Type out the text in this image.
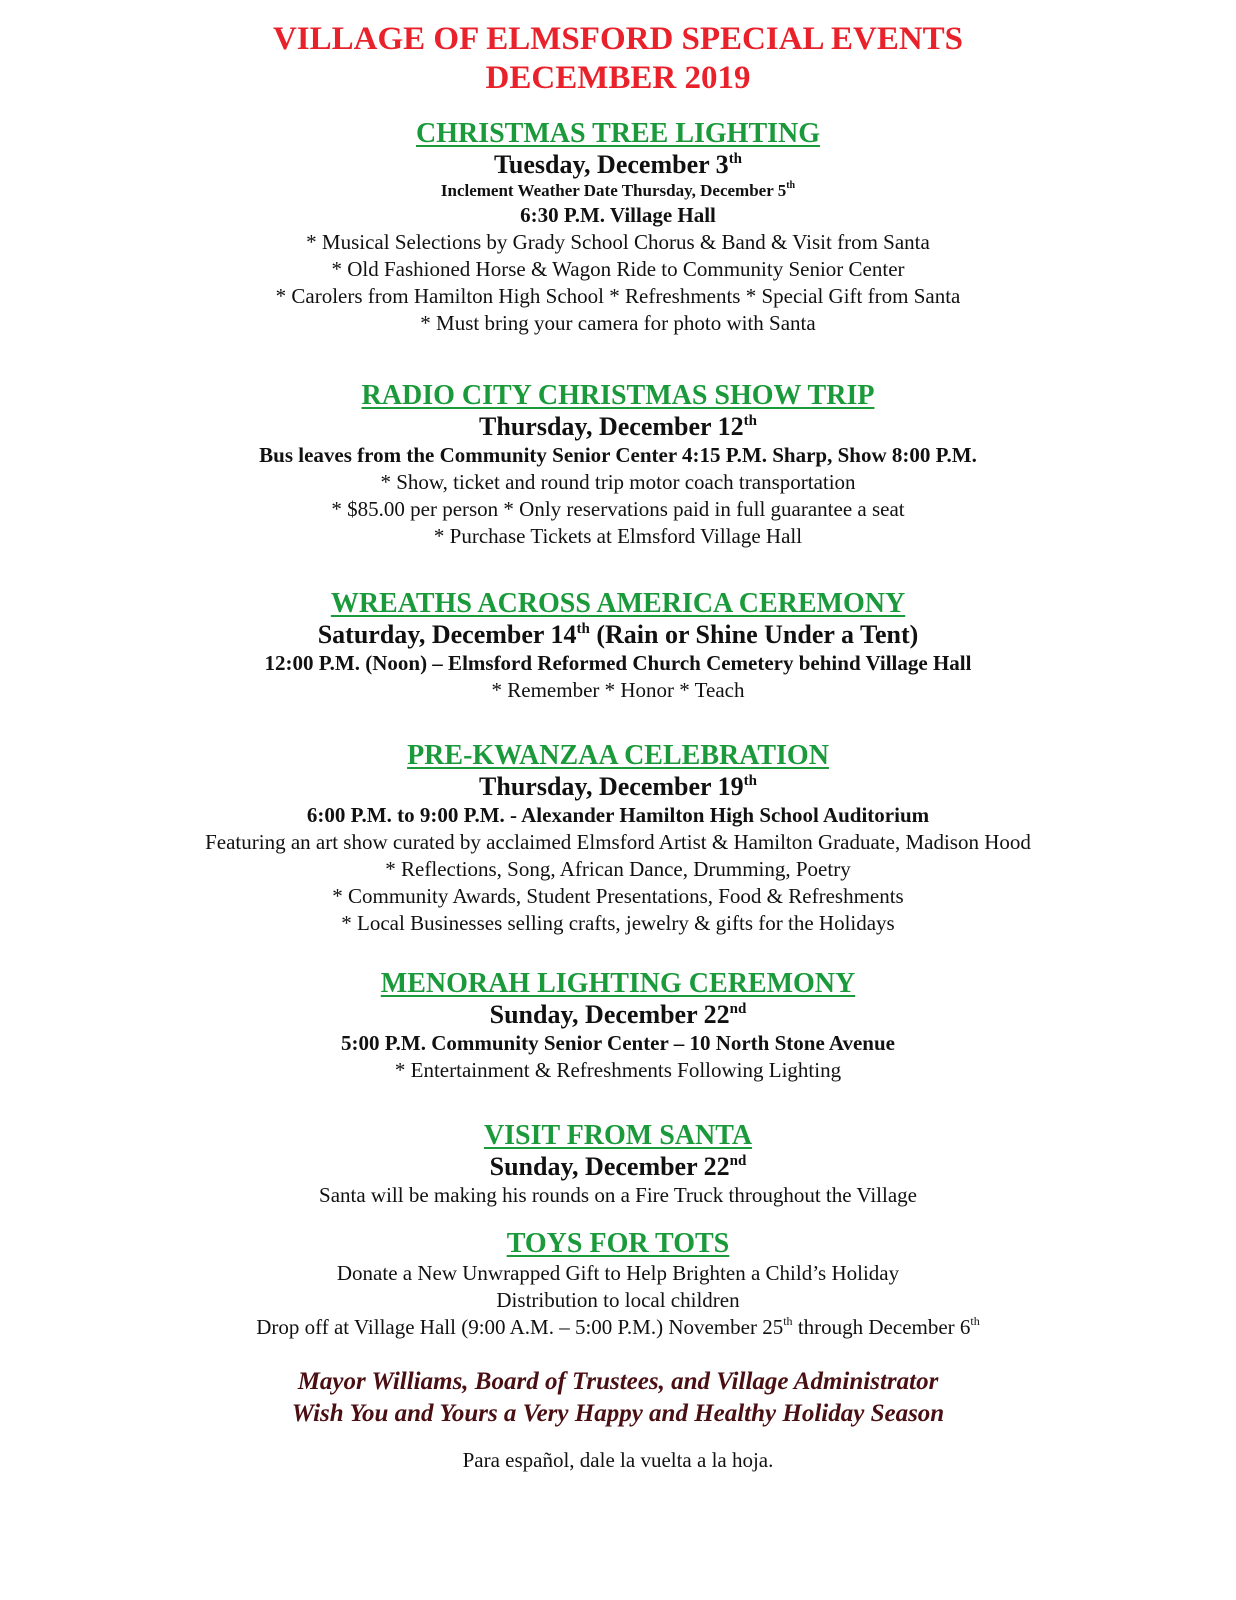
VILLAGE OF ELMSFORD SPECIAL EVENTS

DECEMBER 2019

CHRISTMAS TREE LIGHTING

Tuesday, December 3th

Inclement Weather Date Thursday, December 5th

6:30 P.M. Village Hall

* Musical Selections by Grady School Chorus & Band & Visit from Santa

* Old Fashioned Horse & Wagon Ride to Community Senior Center

* Carolers from Hamilton High School * Refreshments * Special Gift from Santa

* Must bring your camera for photo with Santa

RADIO CITY CHRISTMAS SHOW TRIP

Thursday, December 12th

Bus leaves from the Community Senior Center 4:15 P.M. Sharp, Show 8:00 P.M.

* Show, ticket and round trip motor coach transportation

* $85.00 per person * Only reservations paid in full guarantee a seat

* Purchase Tickets at Elmsford Village Hall

WREATHS ACROSS AMERICA CEREMONY

Saturday, December 14th (Rain or Shine Under a Tent)

12:00 P.M. (Noon) – Elmsford Reformed Church Cemetery behind Village Hall

* Remember * Honor * Teach

PRE-KWANZAA CELEBRATION

Thursday, December 19th

6:00 P.M. to 9:00 P.M. - Alexander Hamilton High School Auditorium

Featuring an art show curated by acclaimed Elmsford Artist & Hamilton Graduate, Madison Hood

* Reflections, Song, African Dance, Drumming, Poetry

* Community Awards, Student Presentations, Food & Refreshments

* Local Businesses selling crafts, jewelry & gifts for the Holidays

MENORAH LIGHTING CEREMONY

Sunday, December 22nd

5:00 P.M. Community Senior Center – 10 North Stone Avenue

* Entertainment & Refreshments Following Lighting

VISIT FROM SANTA

Sunday, December 22nd

Santa will be making his rounds on a Fire Truck throughout the Village

TOYS FOR TOTS

Donate a New Unwrapped Gift to Help Brighten a Child’s Holiday

Distribution to local children

Drop off at Village Hall (9:00 A.M. – 5:00 P.M.) November 25th through December 6th

Mayor Williams, Board of Trustees, and Village Administrator

Wish You and Yours a Very Happy and Healthy Holiday Season

Para español, dale la vuelta a la hoja.
